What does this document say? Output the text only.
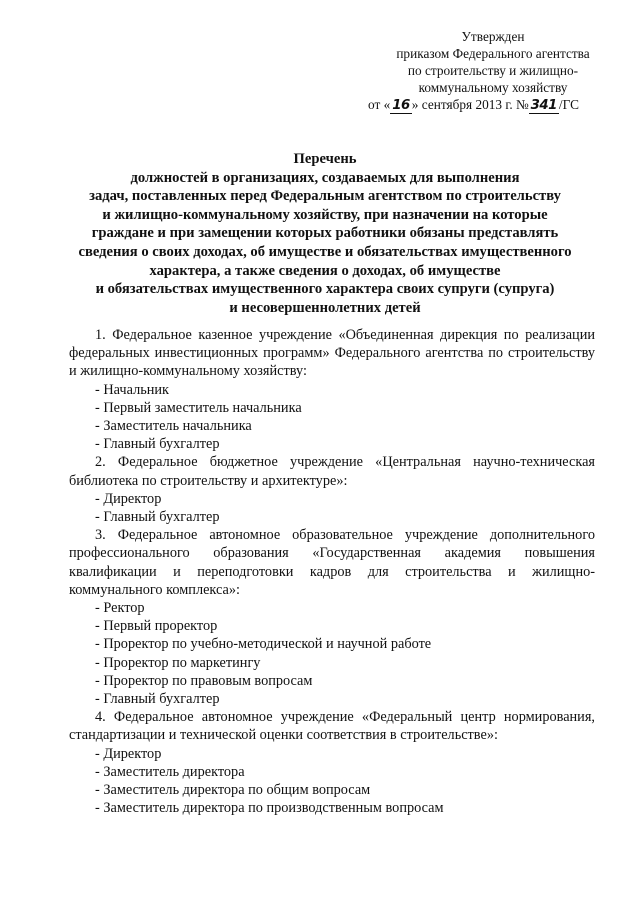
Утвержден
приказом Федерального агентства
по строительству и жилищно-
коммунальному хозяйству
от « 16 » сентября 2013 г. № 341 /ГС
Перечень
должностей в организациях, создаваемых для выполнения
задач, поставленных перед Федеральным агентством по строительству
и жилищно-коммунальному хозяйству, при назначении на которые
граждане и при замещении которых работники обязаны представлять
сведения о своих доходах, об имуществе и обязательствах имущественного
характера, а также сведения о доходах, об имуществе
и обязательствах имущественного характера своих супруги (супруга)
и несовершеннолетних детей

1. Федеральное казенное учреждение «Объединенная дирекция по реализации федеральных инвестиционных программ» Федерального агентства по строительству и жилищно-коммунальному хозяйству:

- Начальник
- Первый заместитель начальника
- Заместитель начальника
- Главный бухгалтер

2. Федеральное бюджетное учреждение «Центральная научно-техническая библиотека по строительству и архитектуре»:

- Директор
- Главный бухгалтер

3. Федеральное автономное образовательное учреждение дополнительного профессионального образования «Государственная академия повышения квалификации и переподготовки кадров для строительства и жилищно-коммунального комплекса»:

- Ректор
- Первый проректор
- Проректор по учебно-методической и научной работе
- Проректор по маркетингу
- Проректор по правовым вопросам
- Главный бухгалтер

4. Федеральное автономное учреждение «Федеральный центр нормирования, стандартизации и технической оценки соответствия в строительстве»:

- Директор
- Заместитель директора
- Заместитель директора по общим вопросам
- Заместитель директора по производственным вопросам
